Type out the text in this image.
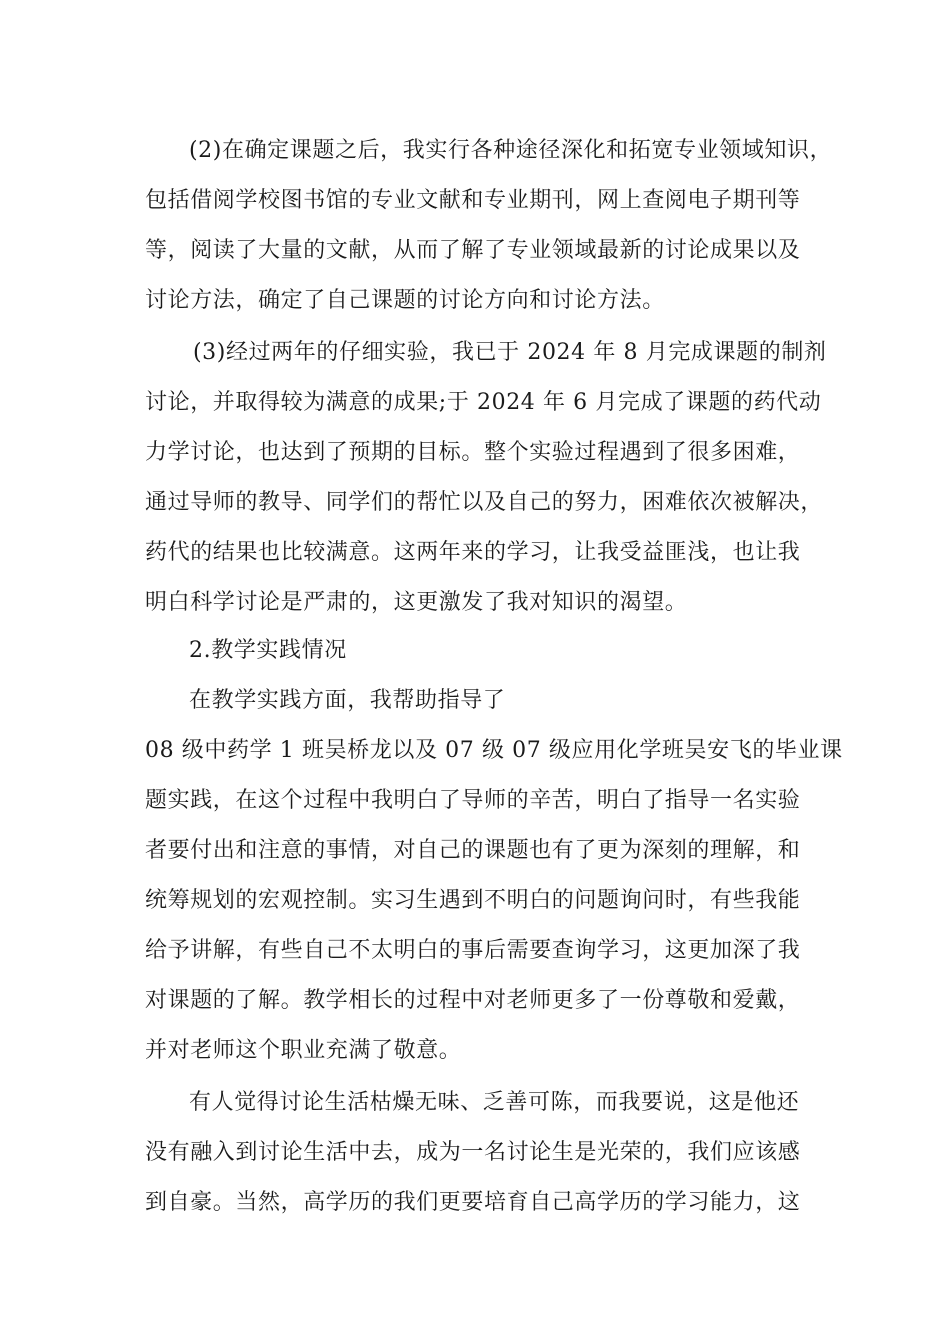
(2)在确定课题之后，我实行各种途径深化和拓宽专业领域知识，
包括借阅学校图书馆的专业文献和专业期刊，网上查阅电子期刊等
等，阅读了大量的文献，从而了解了专业领域最新的讨论成果以及
讨论方法，确定了自己课题的讨论方向和讨论方法。
(3)经过两年的仔细实验，我已于 2024 年 8 月完成课题的制剂
讨论，并取得较为满意的成果;于 2024 年 6 月完成了课题的药代动
力学讨论，也达到了预期的目标。整个实验过程遇到了很多困难，
通过导师的教导、同学们的帮忙以及自己的努力，困难依次被解决，
药代的结果也比较满意。这两年来的学习，让我受益匪浅，也让我
明白科学讨论是严肃的，这更激发了我对知识的渴望。
2.教学实践情况
在教学实践方面，我帮助指导了
08 级中药学 1 班吴桥龙以及 07 级 07 级应用化学班吴安飞的毕业课
题实践，在这个过程中我明白了导师的辛苦，明白了指导一名实验
者要付出和注意的事情，对自己的课题也有了更为深刻的理解，和
统筹规划的宏观控制。实习生遇到不明白的问题询问时，有些我能
给予讲解，有些自己不太明白的事后需要查询学习，这更加深了我
对课题的了解。教学相长的过程中对老师更多了一份尊敬和爱戴，
并对老师这个职业充满了敬意。
有人觉得讨论生活枯燥无味、乏善可陈，而我要说，这是他还
没有融入到讨论生活中去，成为一名讨论生是光荣的，我们应该感
到自豪。当然，高学历的我们更要培育自己高学历的学习能力，这
